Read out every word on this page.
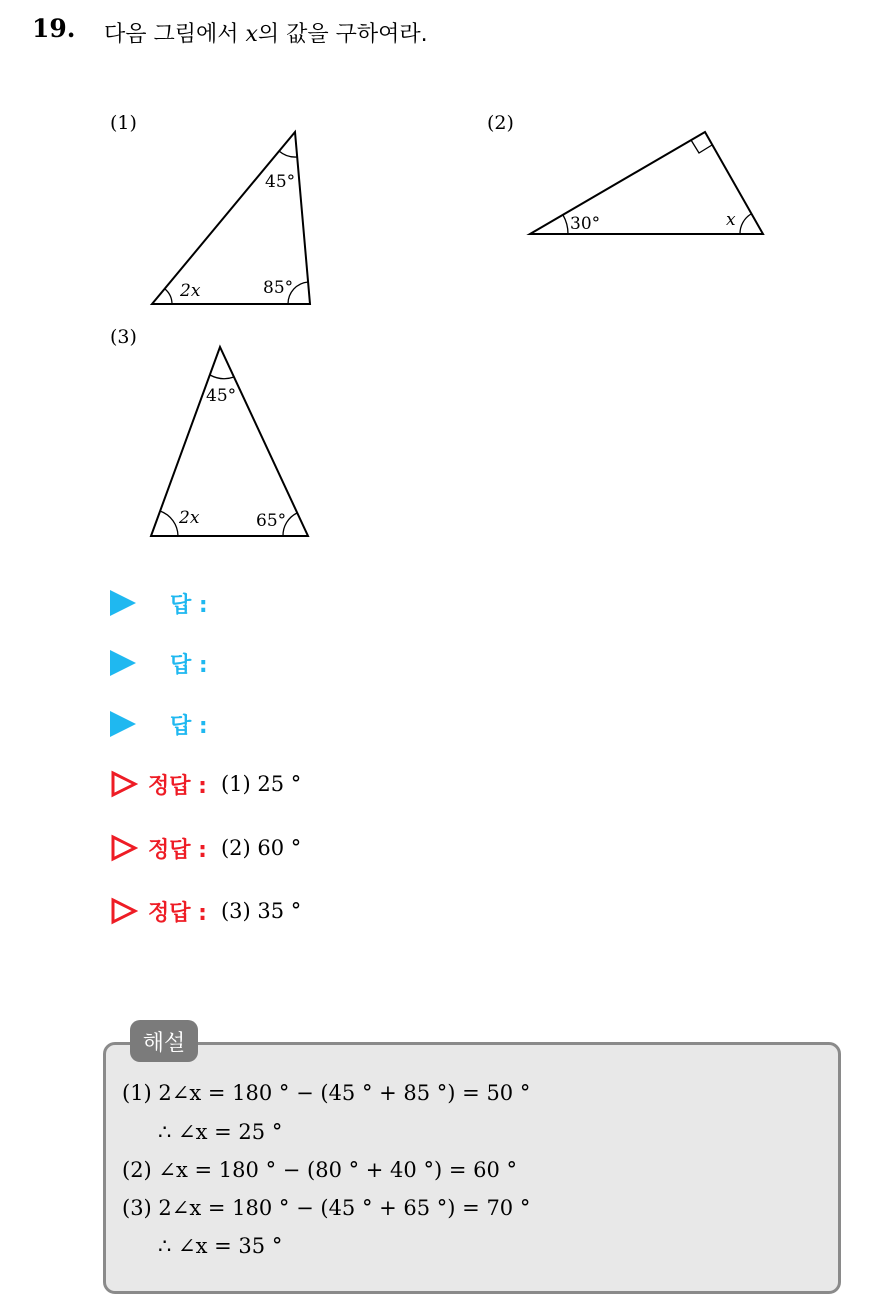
19. 다음 그림에서 x의 값을 구하여라.
(1)	(2)
(3)
45°
2x	85°
30°	x
45°
2x	65°
답 :
답 :
답 :
정답 : (1) 25 °
정답 : (2) 60 °
정답 : (3) 35 °
해설
(1) 2∠x = 180 ° − (45 ° + 85 °) = 50 °
∴ ∠x = 25 °
(2) ∠x = 180 ° − (80 ° + 40 °) = 60 °
(3) 2∠x = 180 ° − (45 ° + 65 °) = 70 °
∴ ∠x = 35 °
